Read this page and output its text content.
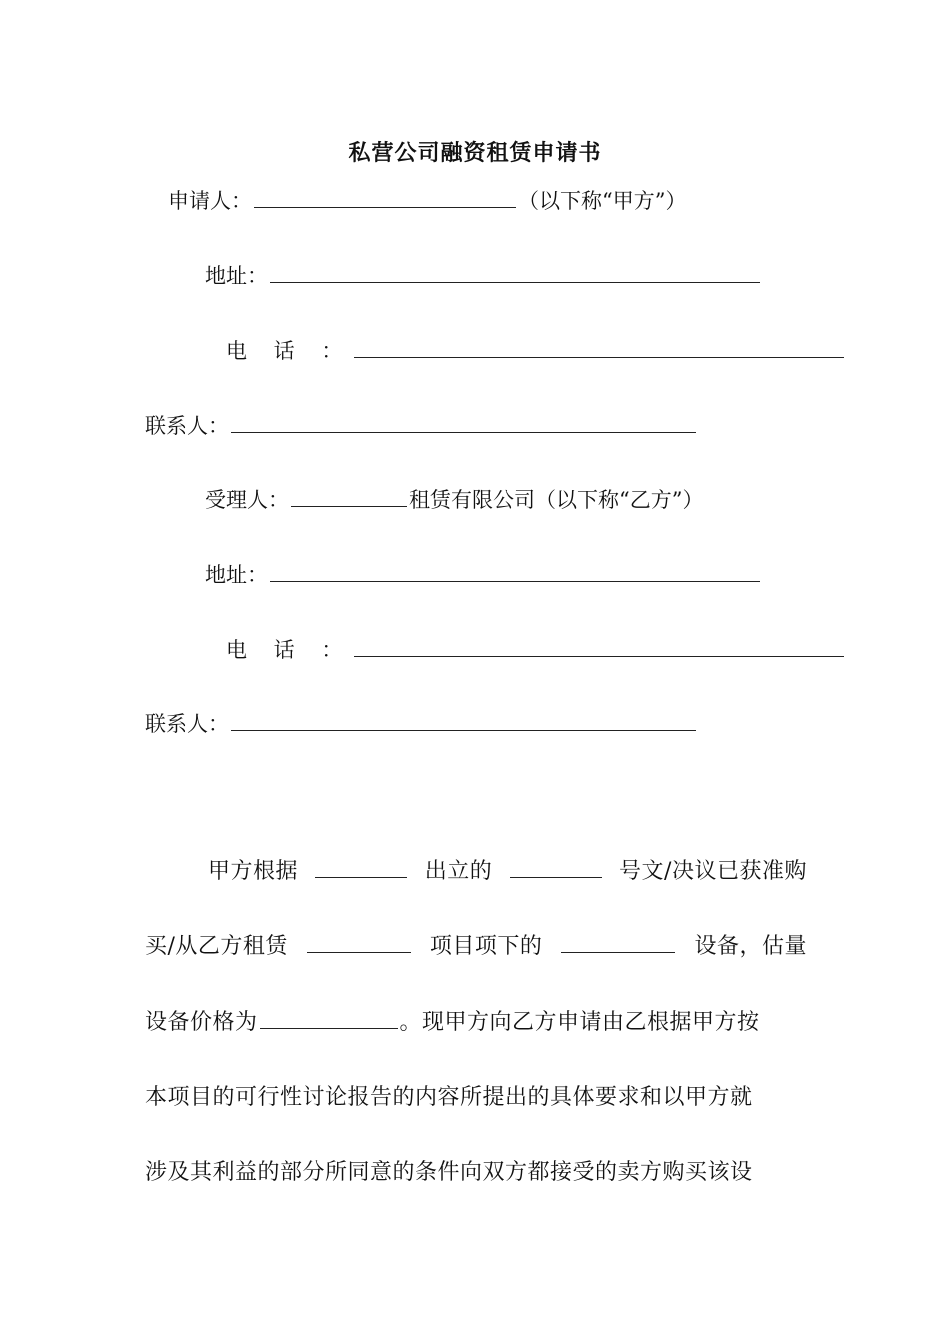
私营公司融资租赁申请书
申请人：	（以下称“甲方”）
地址：
电 话 ：
联系人：
受理人：	租赁有限公司（以下称“乙方”）
地址：
电 话 ：
联系人：
甲方根据	出立的	号文/决议已获准购
买/从乙方租赁	项目项下的	设备，估量
设备价格为	。现甲方向乙方申请由乙根据甲方按
本项目的可行性讨论报告的内容所提出的具体要求和以甲方就
涉及其利益的部分所同意的条件向双方都接受的卖方购买该设
